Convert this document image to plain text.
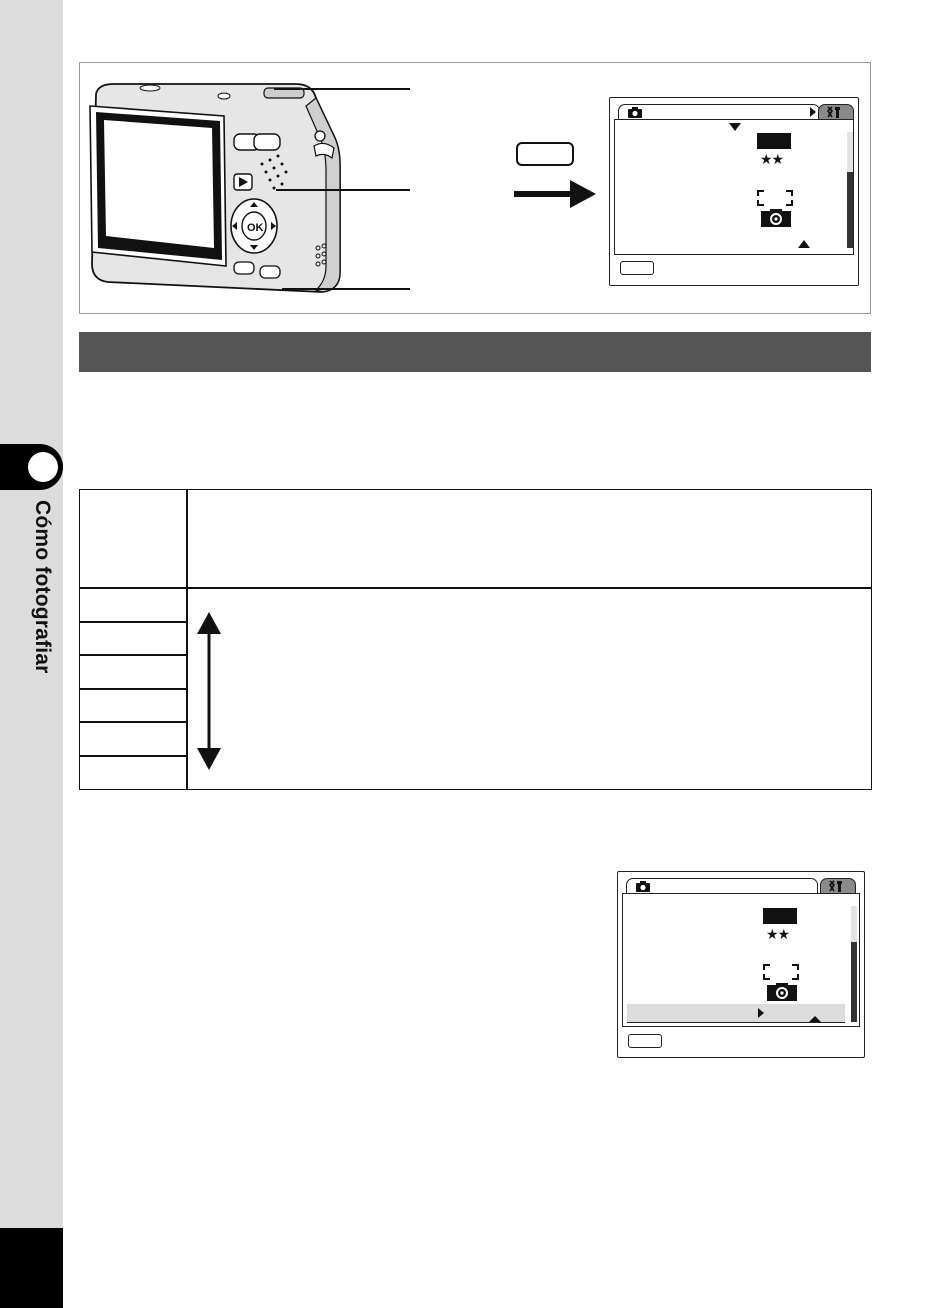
Cómo fotografiar
OK
★★
★★
